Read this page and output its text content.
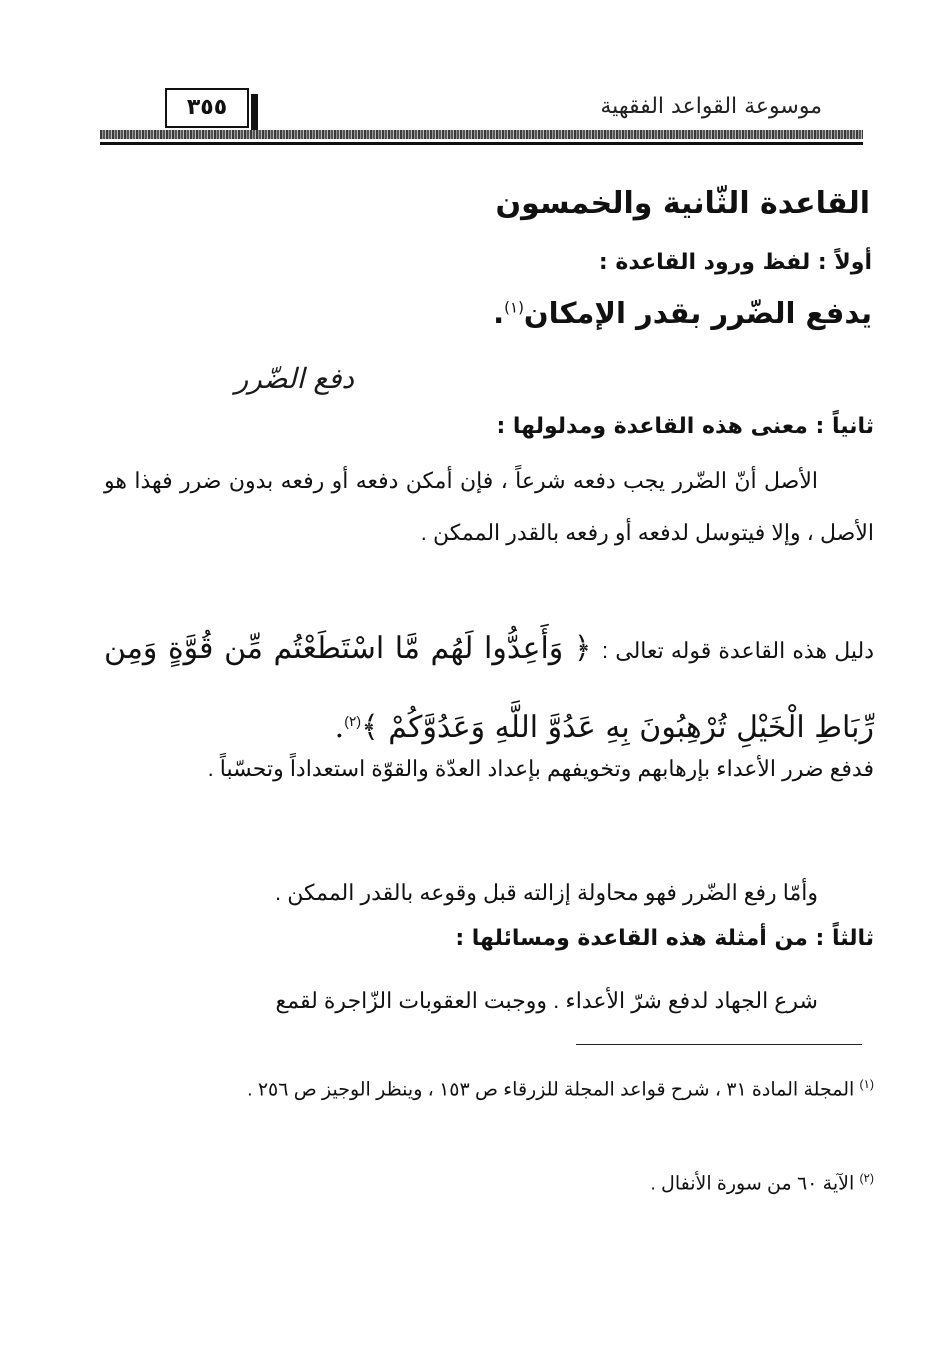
موسوعة القواعد الفقهية
٣٥٥
القاعدة الثّانية والخمسون
أولاً : لفظ ورود القاعدة :
يدفع الضّرر بقدر الإمكان$^{(١)}$.
دفع الضّرر
ثانياً : معنى هذه القاعدة ومدلولها :
الأصل أنّ الضّرر يجب دفعه شرعاً ، فإن أمكن دفعه أو رفعه بدون ضرر فهذا هو الأصل ، وإلا فيتوسل لدفعه أو رفعه بالقدر الممكن .
دليل هذه القاعدة قوله تعالى : ﴿ وَأَعِدُّوا لَهُم مَّا اسْتَطَعْتُم مِّن قُوَّةٍ وَمِن رِّبَاطِ الْخَيْلِ تُرْهِبُونَ بِهِ عَدُوَّ اللَّهِ وَعَدُوَّكُمْ ﴾$^{(٢)}$.
فدفع ضرر الأعداء بإرهابهم وتخويفهم بإعداد العدّة والقوّة استعداداً وتحسّباً .
وأمّا رفع الضّرر فهو محاولة إزالته قبل وقوعه بالقدر الممكن .
ثالثاً : من أمثلة هذه القاعدة ومسائلها :
شرع الجهاد لدفع شرّ الأعداء . ووجبت العقوبات الزّاجرة لقمع
$^{(١)}$ المجلة المادة ٣١ ، شرح قواعد المجلة للزرقاء ص ١٥٣ ، وينظر الوجيز ص ٢٥٦ .
$^{(٢)}$ الآية ٦٠ من سورة الأنفال .
